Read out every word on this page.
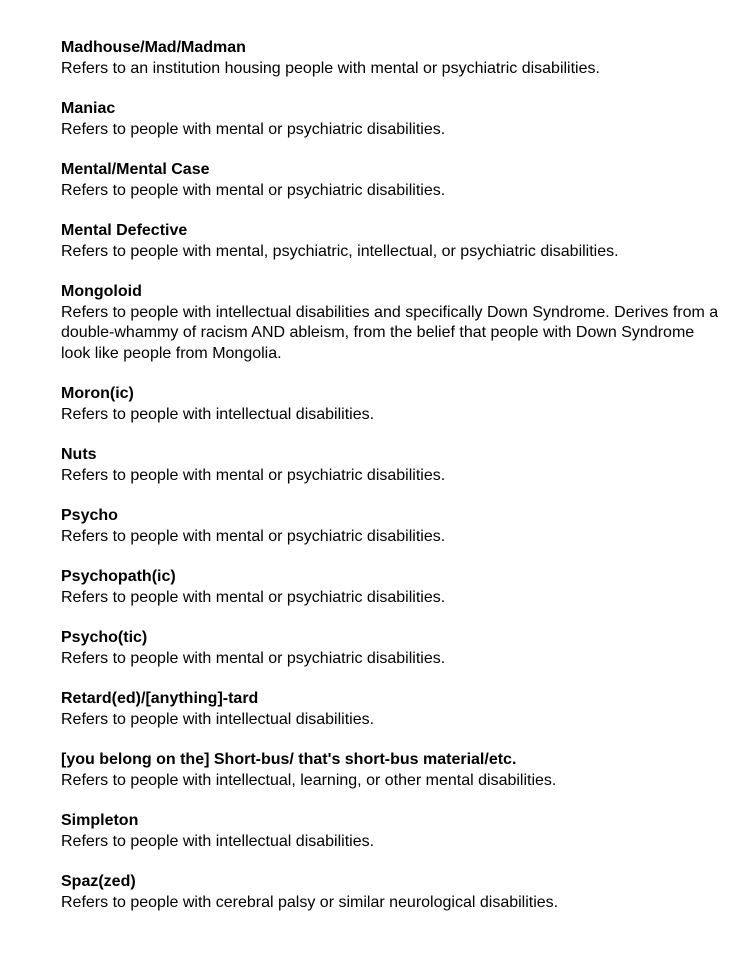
Madhouse/Mad/Madman
Refers to an institution housing people with mental or psychiatric disabilities.
Maniac
Refers to people with mental or psychiatric disabilities.
Mental/Mental Case
Refers to people with mental or psychiatric disabilities.
Mental Defective
Refers to people with mental, psychiatric, intellectual, or psychiatric disabilities.
Mongoloid
Refers to people with intellectual disabilities and specifically Down Syndrome. Derives from a double-whammy of racism AND ableism, from the belief that people with Down Syndrome look like people from Mongolia.
Moron(ic)
Refers to people with intellectual disabilities.
Nuts
Refers to people with mental or psychiatric disabilities.
Psycho
Refers to people with mental or psychiatric disabilities.
Psychopath(ic)
Refers to people with mental or psychiatric disabilities.
Psycho(tic)
Refers to people with mental or psychiatric disabilities.
Retard(ed)/[anything]-tard
Refers to people with intellectual disabilities.
[you belong on the] Short-bus/ that's short-bus material/etc.
Refers to people with intellectual, learning, or other mental disabilities.
Simpleton
Refers to people with intellectual disabilities.
Spaz(zed)
Refers to people with cerebral palsy or similar neurological disabilities.
